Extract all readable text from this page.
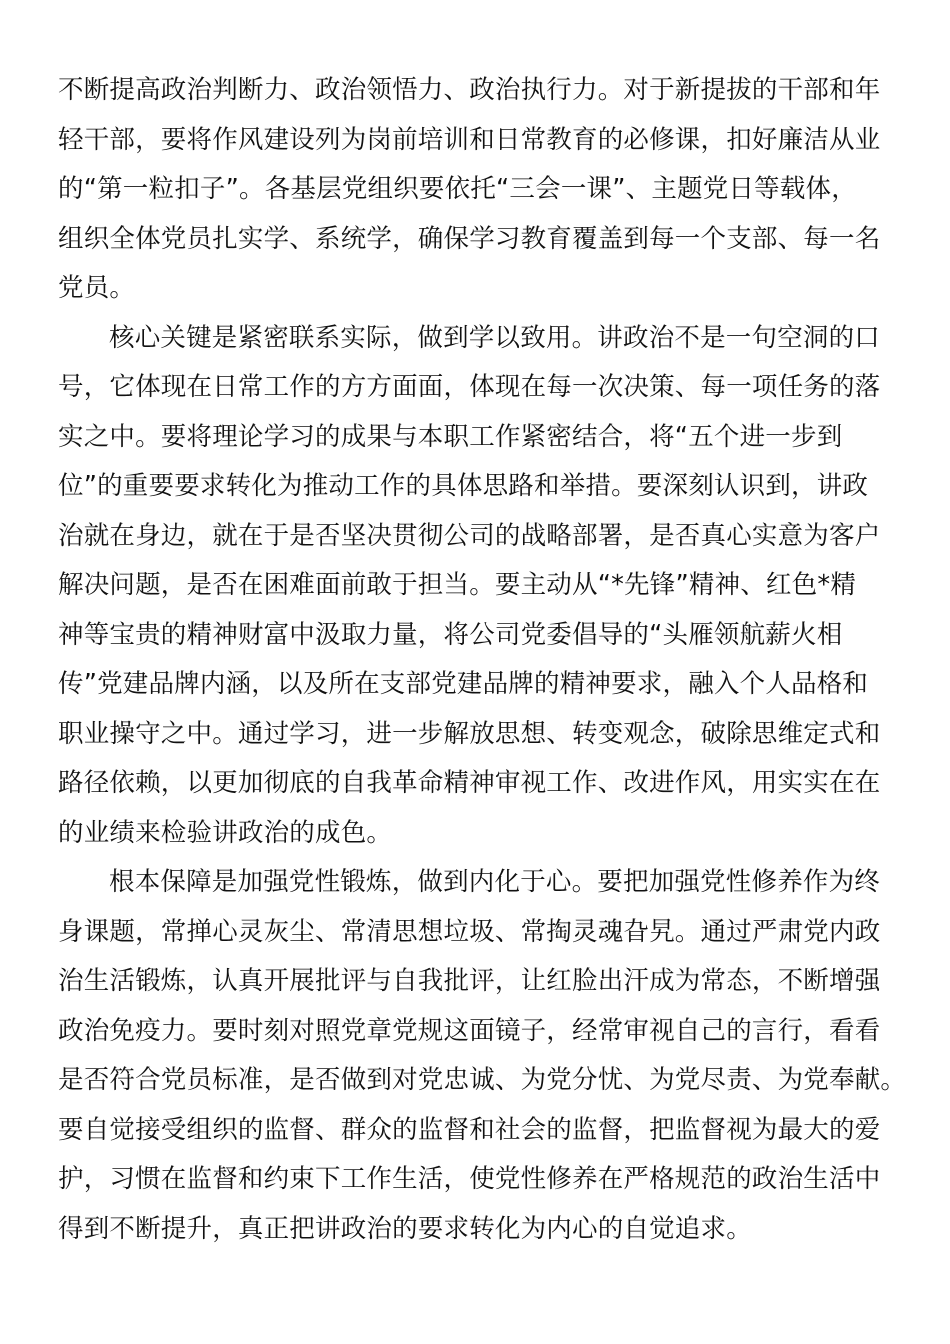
不断提高政治判断力、政治领悟力、政治执行力。对于新提拔的干部和年
轻干部，要将作风建设列为岗前培训和日常教育的必修课，扣好廉洁从业
的“第一粒扣子”。各基层党组织要依托“三会一课”、主题党日等载体，
组织全体党员扎实学、系统学，确保学习教育覆盖到每一个支部、每一名
党员。

核心关键是紧密联系实际，做到学以致用。讲政治不是一句空洞的口
号，它体现在日常工作的方方面面，体现在每一次决策、每一项任务的落
实之中。要将理论学习的成果与本职工作紧密结合，将“五个进一步到
位”的重要要求转化为推动工作的具体思路和举措。要深刻认识到，讲政
治就在身边，就在于是否坚决贯彻公司的战略部署，是否真心实意为客户
解决问题，是否在困难面前敢于担当。要主动从“*先锋”精神、红色*精
神等宝贵的精神财富中汲取力量，将公司党委倡导的“头雁领航薪火相
传”党建品牌内涵，以及所在支部党建品牌的精神要求，融入个人品格和
职业操守之中。通过学习，进一步解放思想、转变观念，破除思维定式和
路径依赖，以更加彻底的自我革命精神审视工作、改进作风，用实实在在
的业绩来检验讲政治的成色。

根本保障是加强党性锻炼，做到内化于心。要把加强党性修养作为终
身课题，常掸心灵灰尘、常清思想垃圾、常掏灵魂旮旯。通过严肃党内政
治生活锻炼，认真开展批评与自我批评，让红脸出汗成为常态，不断增强
政治免疫力。要时刻对照党章党规这面镜子，经常审视自己的言行，看看
是否符合党员标准，是否做到对党忠诚、为党分忧、为党尽责、为党奉献。
要自觉接受组织的监督、群众的监督和社会的监督，把监督视为最大的爱
护，习惯在监督和约束下工作生活，使党性修养在严格规范的政治生活中
得到不断提升，真正把讲政治的要求转化为内心的自觉追求。
